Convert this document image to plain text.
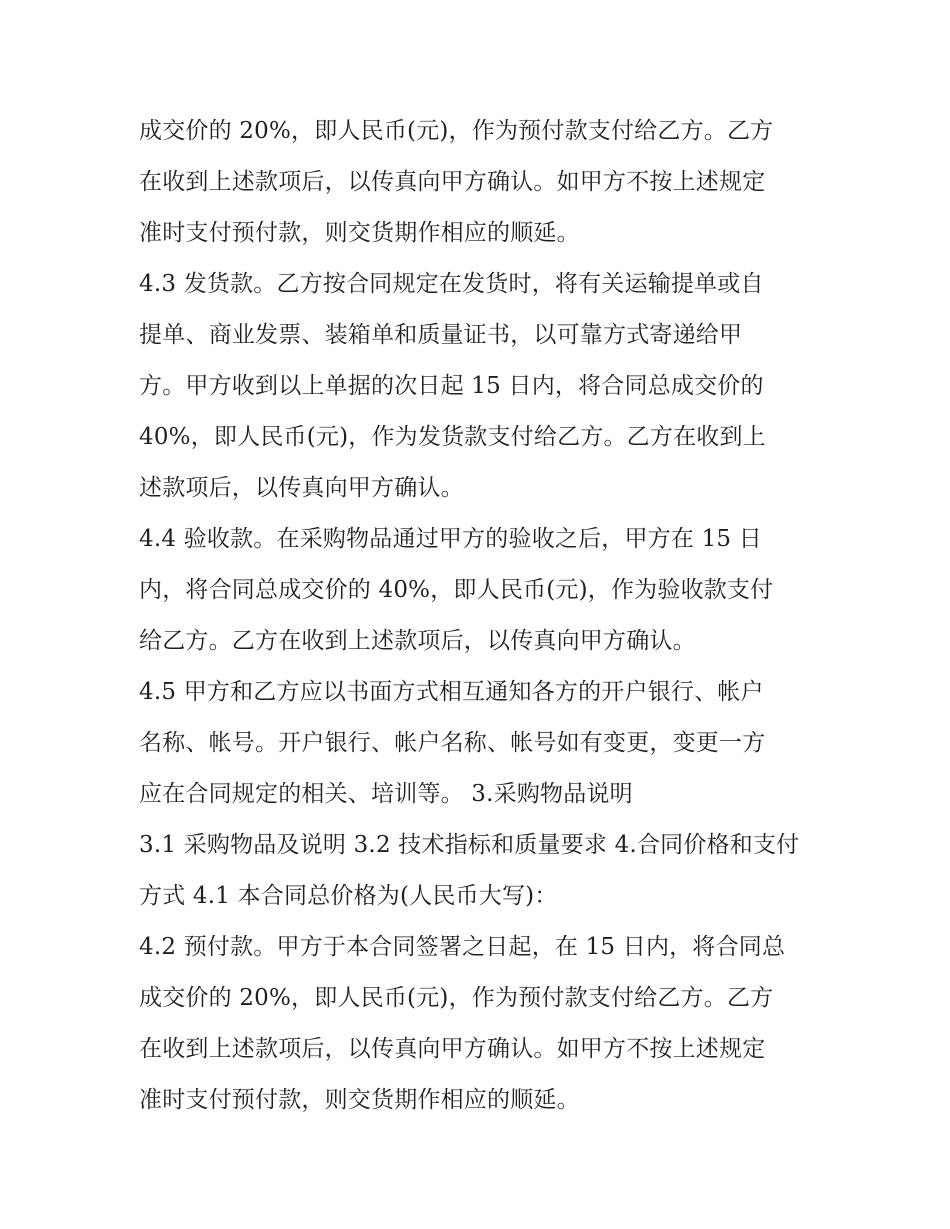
成交价的 20%，即人民币(元)，作为预付款支付给乙方。乙方
在收到上述款项后，以传真向甲方确认。如甲方不按上述规定
准时支付预付款，则交货期作相应的顺延。
4.3 发货款。乙方按合同规定在发货时，将有关运输提单或自
提单、商业发票、装箱单和质量证书，以可靠方式寄递给甲
方。甲方收到以上单据的次日起 15 日内，将合同总成交价的
40%，即人民币(元)，作为发货款支付给乙方。乙方在收到上
述款项后，以传真向甲方确认。
4.4 验收款。在采购物品通过甲方的验收之后，甲方在 15 日
内，将合同总成交价的 40%，即人民币(元)，作为验收款支付
给乙方。乙方在收到上述款项后，以传真向甲方确认。
4.5 甲方和乙方应以书面方式相互通知各方的开户银行、帐户
名称、帐号。开户银行、帐户名称、帐号如有变更，变更一方
应在合同规定的相关、培训等。 3.采购物品说明
3.1 采购物品及说明 3.2 技术指标和质量要求 4.合同价格和支付
方式 4.1 本合同总价格为(人民币大写)：
4.2 预付款。甲方于本合同签署之日起，在 15 日内，将合同总
成交价的 20%，即人民币(元)，作为预付款支付给乙方。乙方
在收到上述款项后，以传真向甲方确认。如甲方不按上述规定
准时支付预付款，则交货期作相应的顺延。
